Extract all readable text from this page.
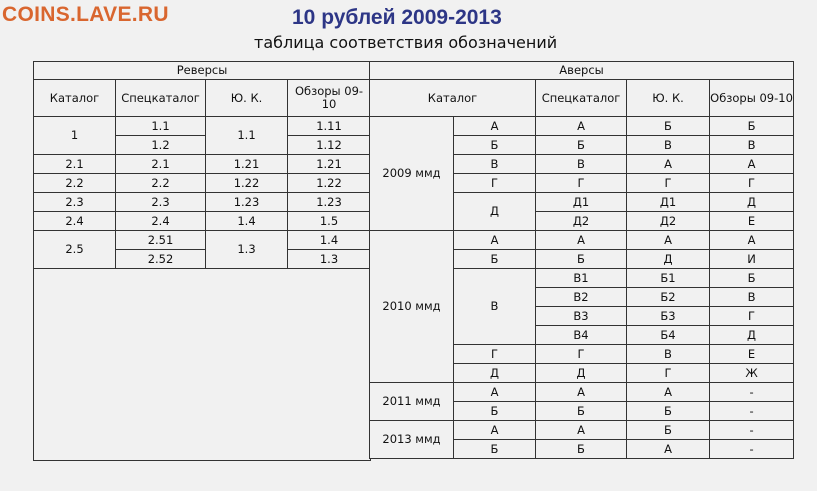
COINS.LAVE.RU	10 рублей 2009-2013
таблица соответствия обозначений
Реверсы			
Каталог	Спецкаталог	Ю. К.	Обзоры 09-10
1	1.1	1.1	1.11
	1.2		1.12
2.1	2.1	1.21	1.21
2.2	2.2	1.22	1.22
2.3	2.3	1.23	1.23
2.4	2.4	1.4	1.5
2.5	2.51	1.3	1.4
	2.52		1.3

Аверсы				
Каталог		Спецкаталог	Ю. К.	Обзоры 09-10
2009 ммд	А	А	Б	Б
	Б	Б	В	В
	В	В	А	А
	Г	Г	Г	Г
	Д	Д1	Д1	Д
		Д2	Д2	Е
2010 ммд	А	А	А	А
	Б	Б	Д	И
	В	В1	Б1	Б
		В2	Б2	В
		В3	Б3	Г
		В4	Б4	Д
	Г	Г	В	Е
	Д	Д	Г	Ж
2011 ммд	А	А	А	-
	Б	Б	Б	-
2013 ммд	А	А	Б	-
	Б	Б	А	-
